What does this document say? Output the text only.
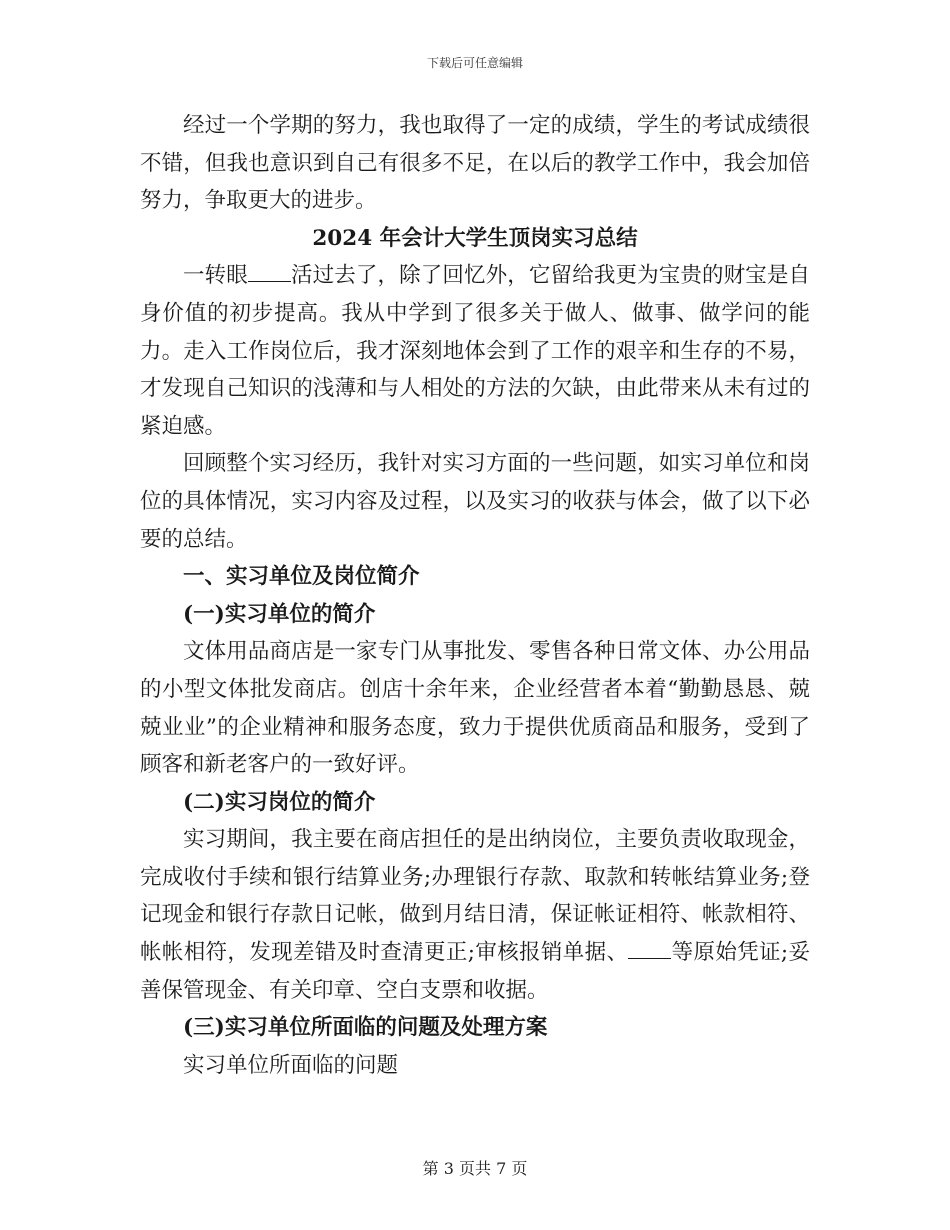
下载后可任意编辑

经过一个学期的努力，我也取得了一定的成绩，学生的考试成绩很不错，但我也意识到自己有很多不足，在以后的教学工作中，我会加倍努力，争取更大的进步。

2024 年会计大学生顶岗实习总结

一转眼 活过去了，除了回忆外，它留给我更为宝贵的财宝是自身价值的初步提高。我从中学到了很多关于做人、做事、做学问的能力。走入工作岗位后，我才深刻地体会到了工作的艰辛和生存的不易，才发现自己知识的浅薄和与人相处的方法的欠缺，由此带来从未有过的紧迫感。

回顾整个实习经历，我针对实习方面的一些问题，如实习单位和岗位的具体情况，实习内容及过程，以及实习的收获与体会，做了以下必要的总结。

一、实习单位及岗位简介

(一)实习单位的简介

文体用品商店是一家专门从事批发、零售各种日常文体、办公用品的小型文体批发商店。创店十余年来，企业经营者本着“勤勤恳恳、兢兢业业”的企业精神和服务态度，致力于提供优质商品和服务，受到了顾客和新老客户的一致好评。

(二)实习岗位的简介

实习期间，我主要在商店担任的是出纳岗位，主要负责收取现金，完成收付手续和银行结算业务;办理银行存款、取款和转帐结算业务;登记现金和银行存款日记帐，做到月结日清，保证帐证相符、帐款相符、帐帐相符，发现差错及时查清更正;审核报销单据、 等原始凭证;妥善保管现金、有关印章、空白支票和收据。

(三)实习单位所面临的问题及处理方案

实习单位所面临的问题

第 3 页共 7 页
